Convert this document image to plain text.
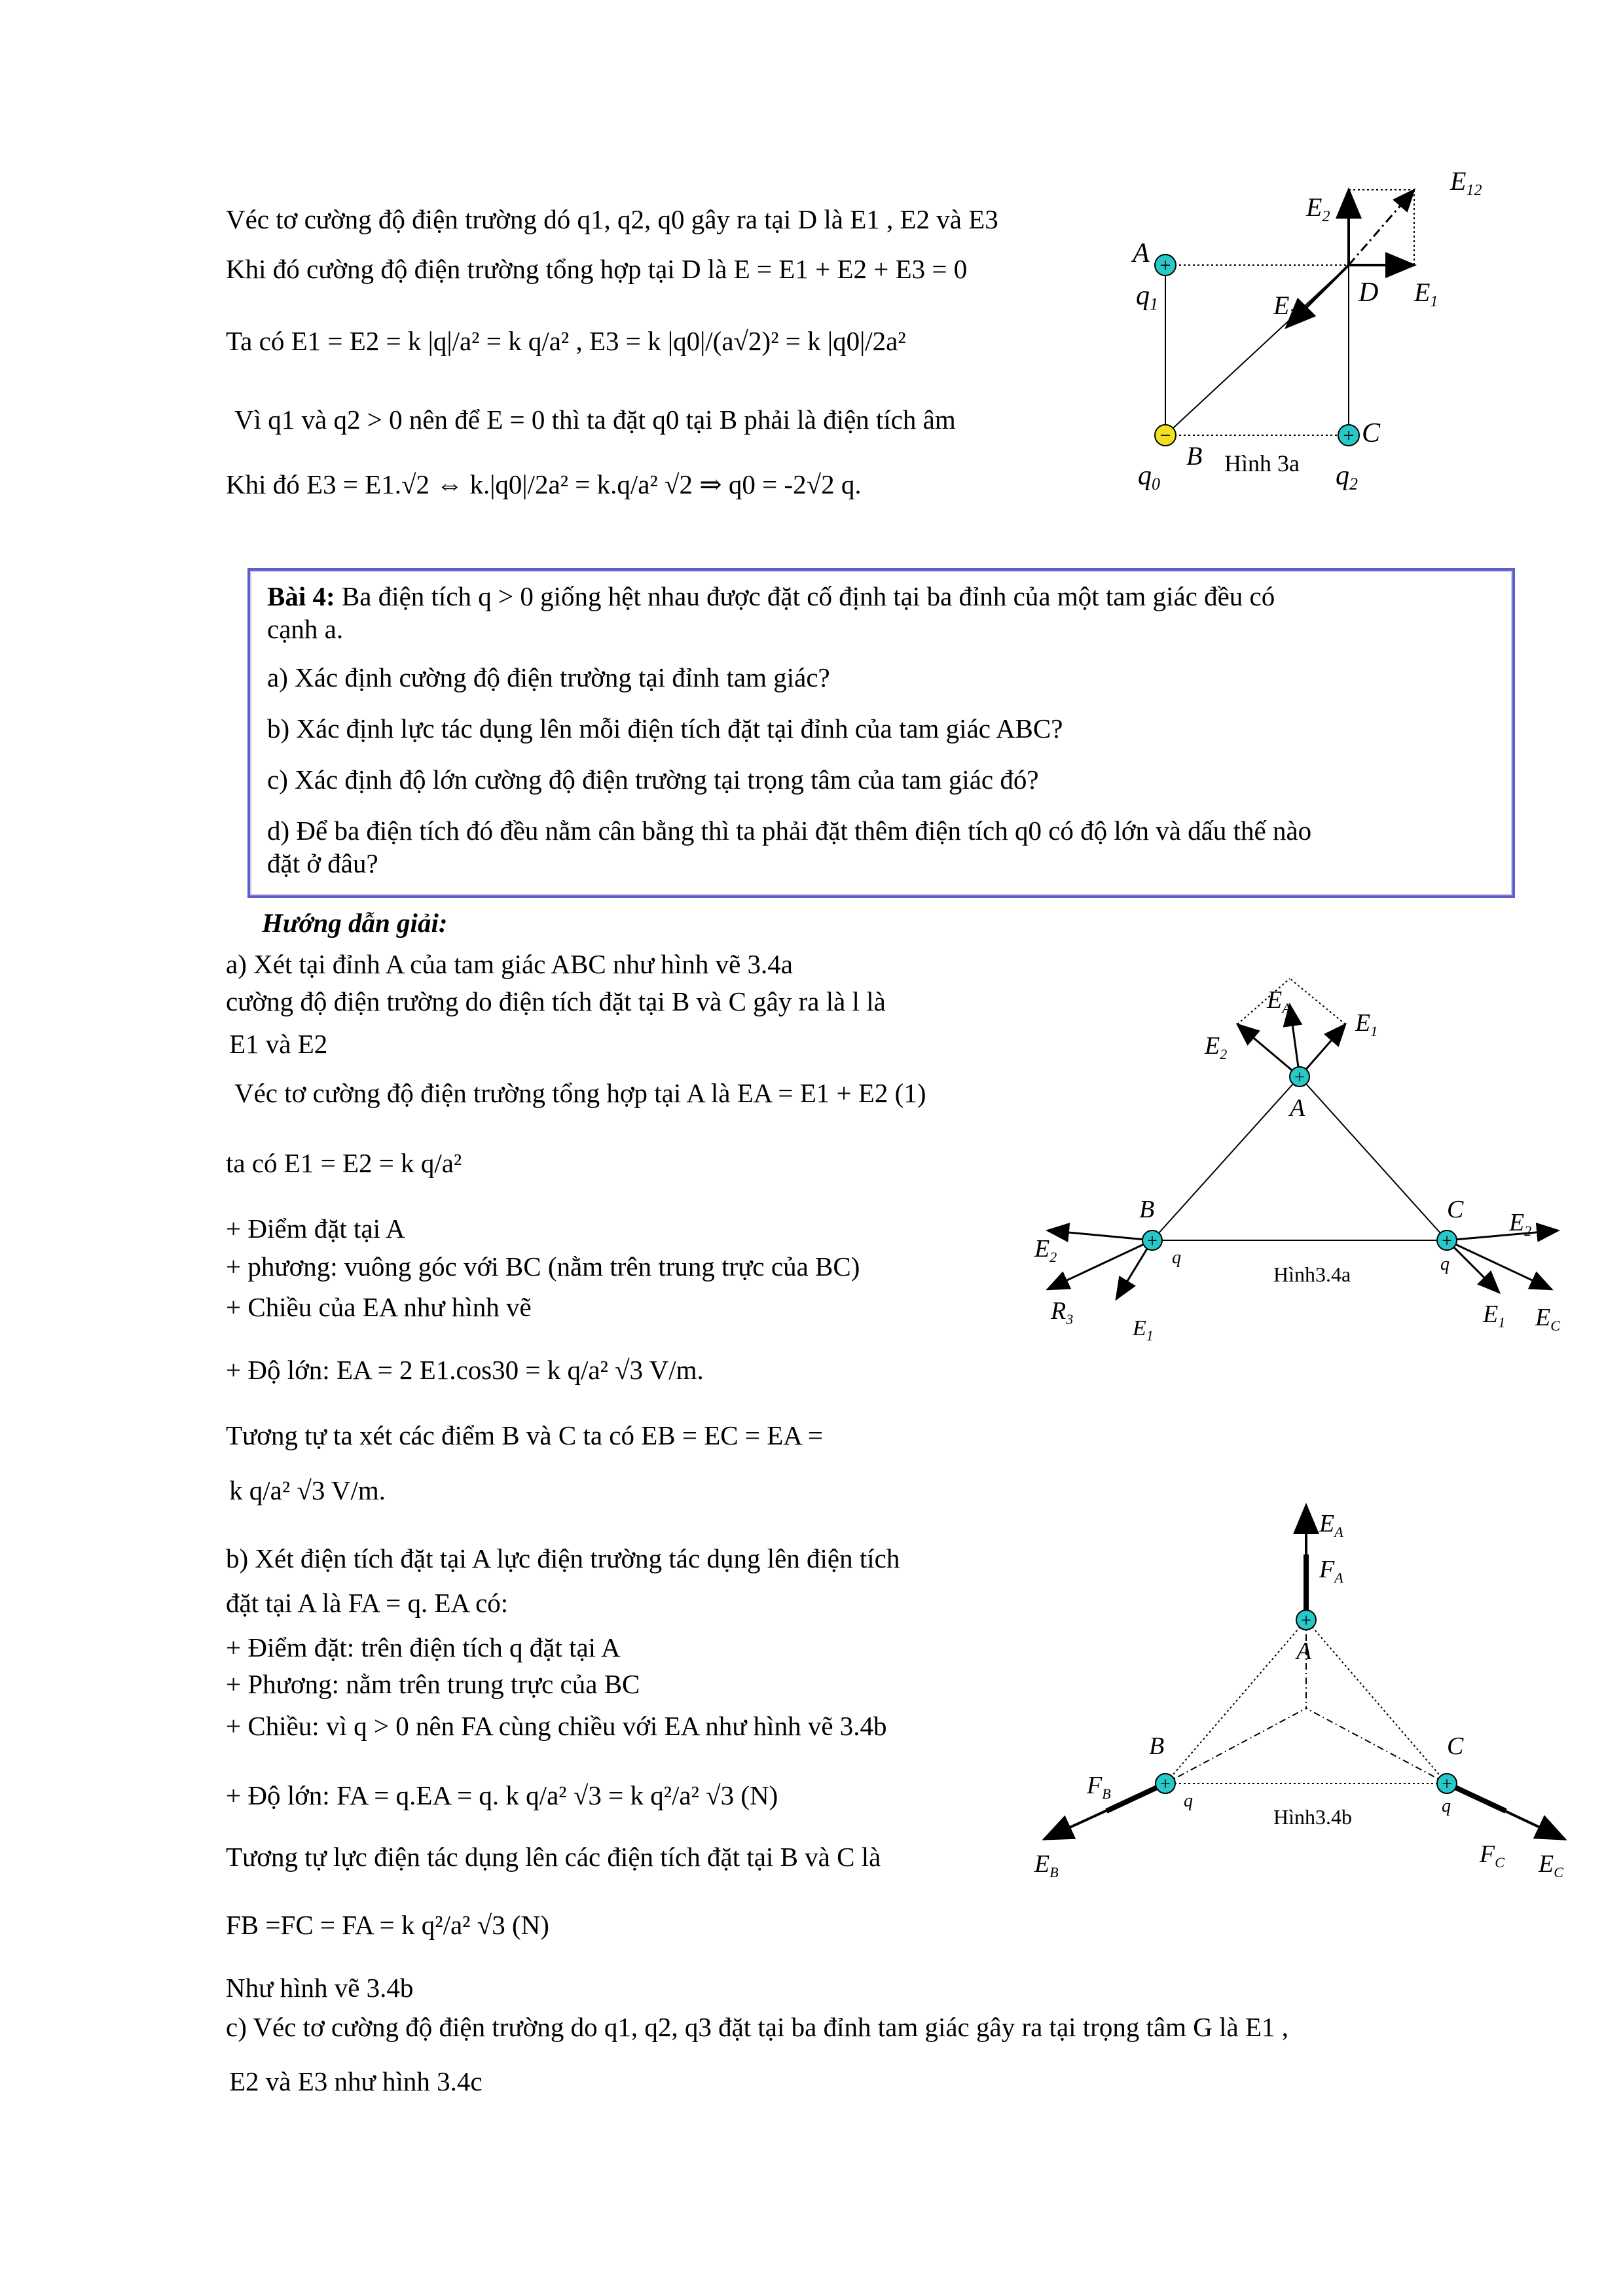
Véc tơ cường độ điện trường dó q1, q2, q0 gây ra tại D là E1 , E2 và E3
Khi đó cường độ điện trường tổng hợp tại D là E = E1 + E2 + E3 = 0
Ta có E1 = E2 = k |q|/a² = k q/a² , E3 = k |q0|/(a√2)² = k |q0|/2a²
Vì q1 và q2 > 0 nên để E = 0 thì ta đặt q0 tại B phải là điện tích âm
Khi đó E3 = E1.√2 ⇔ k.|q0|/2a² = k.q/a² √2 ⇒ q0 = -2√2 q.
+
−	+
A
q1
B
q0
Hình 3a
C
q2
D $E_1$
$E_2$
$E_3$
$E_{12}$
Bài 4: Ba điện tích q > 0 giống hệt nhau được đặt cố định tại ba đỉnh của một tam giác đều có
cạnh a.
a) Xác định cường độ điện trường tại đỉnh tam giác?
b) Xác định lực tác dụng lên mỗi điện tích đặt tại đỉnh của tam giác ABC?
c) Xác định độ lớn cường độ điện trường tại trọng tâm của tam giác đó?
d) Để ba điện tích đó đều nằm cân bằng thì ta phải đặt thêm điện tích q0 có độ lớn và dấu thế nào
đặt ở đâu?
Hướng dẫn giải:
a) Xét tại đỉnh A của tam giác ABC như hình vẽ 3.4a
cường độ điện trường do điện tích đặt tại B và C gây ra là l là
E1 và E2
Véc tơ cường độ điện trường tổng hợp tại A là EA = E1 + E2 (1)
ta có E1 = E2 = k q/a²
+ Điểm đặt tại A
+ phương: vuông góc với BC (nằm trên trung trực của BC)
+ Chiều của EA như hình vẽ
+ Độ lớn: EA = 2 E1.cos30 = k q/a² √3 V/m.
Tương tự ta xét các điểm B và C ta có EB = EC = EA =
k q/a² √3 V/m.
b) Xét điện tích đặt tại A lực điện trường tác dụng lên điện tích
đặt tại A là FA = q. EA có:
+ Điểm đặt: trên điện tích q đặt tại A
+ Phương: nằm trên trung trực của BC
+ Chiều: vì q > 0 nên FA cùng chiều với EA như hình vẽ 3.4b
+ Độ lớn: FA = q.EA = q. k q/a² √3 = k q²/a² √3 (N)
Tương tự lực điện tác dụng lên các điện tích đặt tại B và C là
FB =FC = FA = k q²/a² √3 (N)
Như hình vẽ 3.4b
c) Véc tơ cường độ điện trường do q1, q2, q3 đặt tại ba đỉnh tam giác gây ra tại trọng tâm G là E1 ,
E2 và E3 như hình 3.4c
+
+	+
A
B	C
q	q
$E_A$
$E_1$
$E_2$
$E_2$
$R_3$	$E_1$
Hình3.4a
$E_2$
$E_1$ $E_C$
+
+	+
A
B	C
q	q
$E_A$
$F_A$
$F_B$
$E_B$
Hình3.4b
$F_C$ $E_C$
